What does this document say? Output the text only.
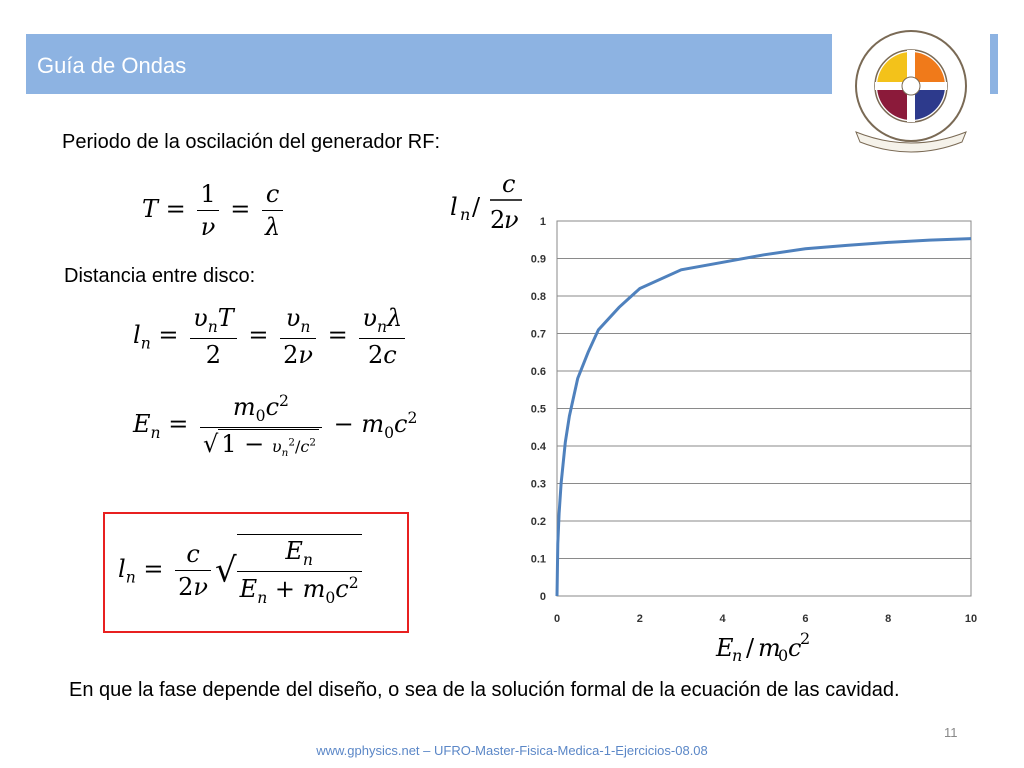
Guía de Ondas
Periodo de la oscilación del generador RF:
$T = \frac{1}{\nu} = \frac{c}{\lambda}$
Distancia entre disco:
$l_n = \frac{\upsilon_nT}{2} = \frac{\upsilon_n}{2\nu} = \frac{\upsilon_n\lambda}{2c}$
$E_n = \frac{m_0c^2}{√ 1 - \upsilon_n^2/c^2} - m_0c^2$
$l_n = \frac{c}{2\nu}$ √ $\frac{E_n}{E_n + m_0c^2}$
l n /
c
2
ν
0
0.1
0.2
0.3
0.4
0.5
0.6
0.7
0.8
0.9
1
0	2	4	6	8	10
E
n / m
0 c
2
En que la fase depende del diseño, o sea de la solución formal de la ecuación de las cavidad.
11
www.gphysics.net – UFRO-Master-Fisica-Medica-1-Ejercicios-08.08
